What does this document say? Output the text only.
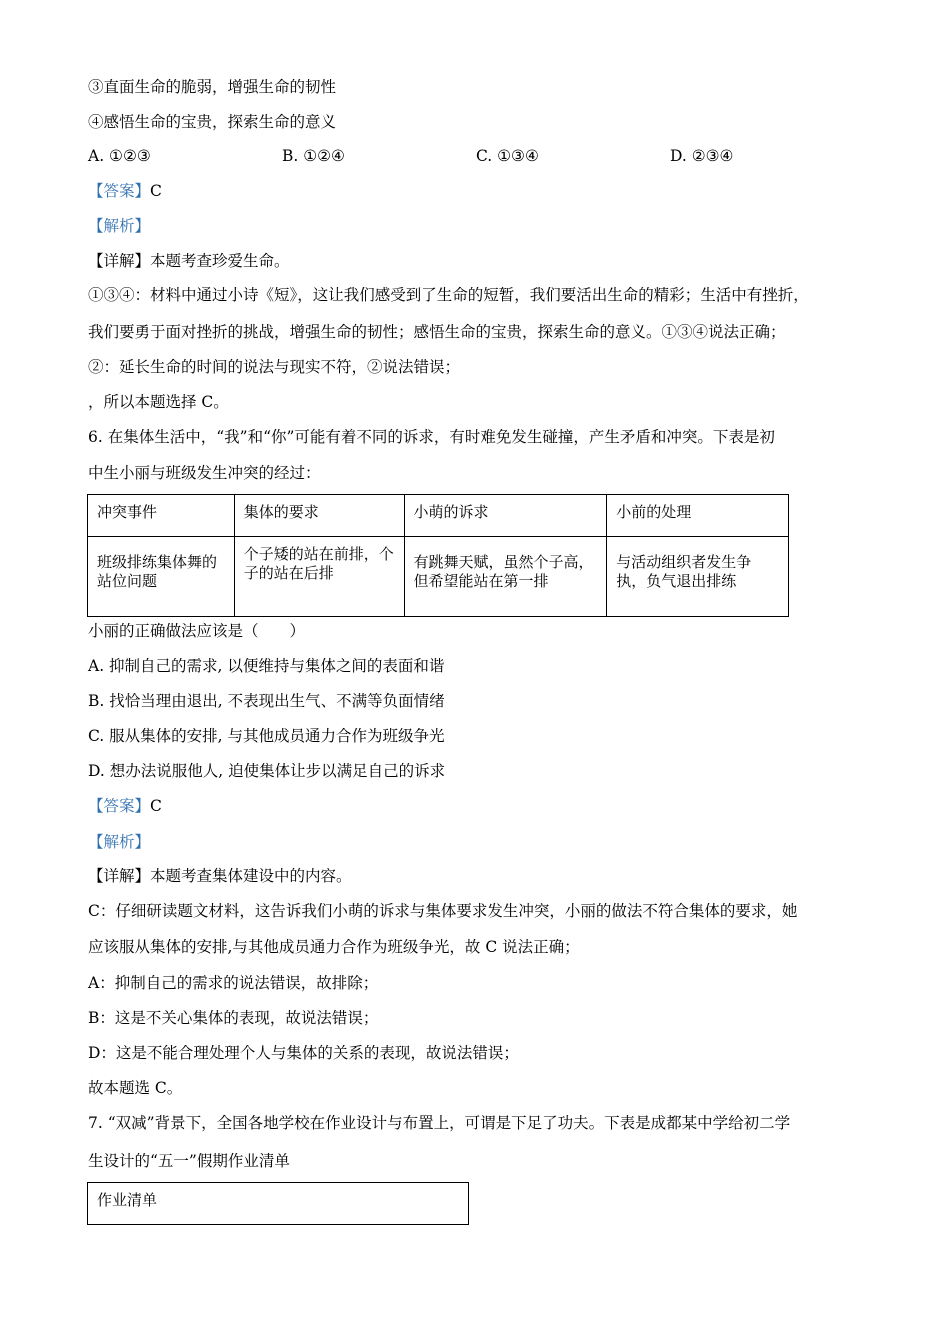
③直面生命的脆弱，增强生命的韧性
④感悟生命的宝贵，探索生命的意义
A. ①②③	B. ①②④	C. ①③④	D. ②③④
【答案】C
【解析】
【详解】本题考查珍爱生命。
①③④：材料中通过小诗《短》，这让我们感受到了生命的短暂，我们要活出生命的精彩；生活中有挫折，
我们要勇于面对挫折的挑战，增强生命的韧性；感悟生命的宝贵，探索生命的意义。①③④说法正确；
②：延长生命的时间的说法与现实不符，②说法错误；
，所以本题选择 C。
6. 在集体生活中，“我”和“你”可能有着不同的诉求，有时难免发生碰撞，产生矛盾和冲突。下表是初
中生小丽与班级发生冲突的经过：
冲突事件	集体的要求	小萌的诉求	小前的处理
班级排练集体舞的站位问题	个子矮的站在前排，个子的站在后排	有跳舞天赋，虽然个子高，但希望能站在第一排	与活动组织者发生争执，负气退出排练
小丽的正确做法应该是（　　）
A. 抑制自己的需求, 以便维持与集体之间的表面和谐
B. 找恰当理由退出, 不表现出生气、不满等负面情绪
C. 服从集体的安排, 与其他成员通力合作为班级争光
D. 想办法说服他人, 迫使集体让步以满足自己的诉求
【答案】C
【解析】
【详解】本题考查集体建设中的内容。
C：仔细研读题文材料，这告诉我们小萌的诉求与集体要求发生冲突，小丽的做法不符合集体的要求，她
应该服从集体的安排,与其他成员通力合作为班级争光，故 C 说法正确；
A：抑制自己的需求的说法错误，故排除；
B：这是不关心集体的表现，故说法错误；
D：这是不能合理处理个人与集体的关系的表现，故说法错误；
故本题选 C。
7. “双减”背景下，全国各地学校在作业设计与布置上，可谓是下足了功夫。下表是成都某中学给初二学
生设计的“五一”假期作业清单
作业清单
